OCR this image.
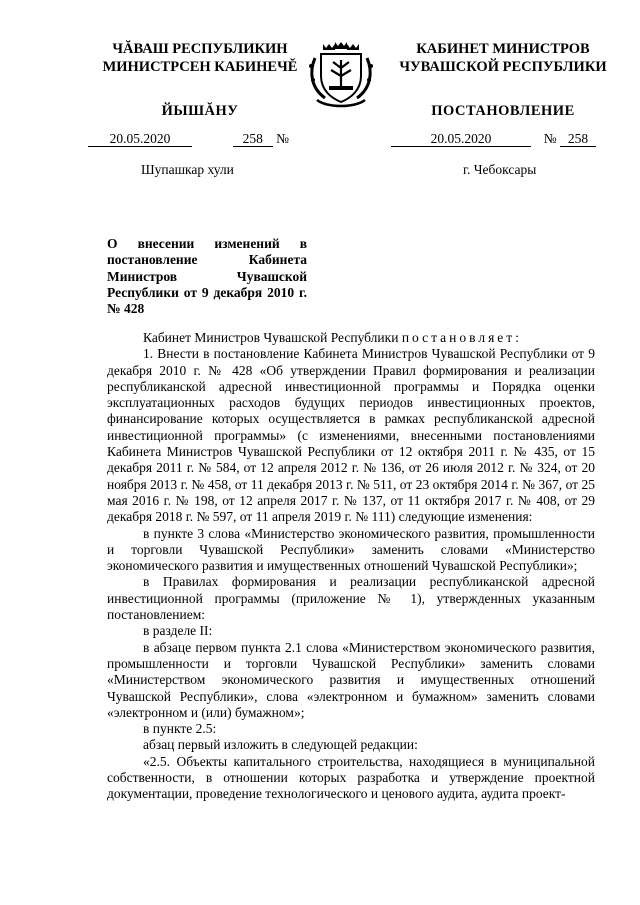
ЧĂВАШ РЕСПУБЛИКИН
МИНИСТРСЕН КАБИНЕЧĔ
ЙЫШĂНУ
КАБИНЕТ МИНИСТРОВ
ЧУВАШСКОЙ РЕСПУБЛИКИ
ПОСТАНОВЛЕНИЕ
20.05.2020	258 №	20.05.2020	№ 258
Шупашкар хули	г. Чебоксары
О внесении изменений в постановление Кабинета Министров Чувашской Республики от 9 декабря 2010 г. № 428

Кабинет Министров Чувашской Республики постановляет:

1. Внести в постановление Кабинета Министров Чувашской Республики от 9 декабря 2010 г. № 428 «Об утверждении Правил формирования и реализации республиканской адресной инвестиционной программы и Порядка оценки эксплуатационных расходов будущих периодов инвестиционных проектов, финансирование которых осуществляется в рамках республиканской адресной инвестиционной программы» (с изменениями, внесенными постановлениями Кабинета Министров Чувашской Республики от 12 октября 2011 г. № 435, от 15 декабря 2011 г. № 584, от 12 апреля 2012 г. № 136, от 26 июля 2012 г. № 324, от 20 ноября 2013 г. № 458, от 11 декабря 2013 г. № 511, от 23 октября 2014 г. № 367, от 25 мая 2016 г. № 198, от 12 апреля 2017 г. № 137, от 11 октября 2017 г. № 408, от 29 декабря 2018 г. № 597, от 11 апреля 2019 г. № 111) следующие изменения:

в пункте 3 слова «Министерство экономического развития, промышленности и торговли Чувашской Республики» заменить словами «Министерство экономического развития и имущественных отношений Чувашской Республики»;

в Правилах формирования и реализации республиканской адресной инвестиционной программы (приложение № 1), утвержденных указанным постановлением:

в разделе II:

в абзаце первом пункта 2.1 слова «Министерством экономического развития, промышленности и торговли Чувашской Республики» заменить словами «Министерством экономического развития и имущественных отношений Чувашской Республики», слова «электронном и бумажном» заменить словами «электронном и (или) бумажном»;

в пункте 2.5:

абзац первый изложить в следующей редакции:

«2.5. Объекты капитального строительства, находящиеся в муниципальной собственности, в отношении которых разработка и утверждение проектной документации, проведение технологического и ценового аудита, аудита проект-
